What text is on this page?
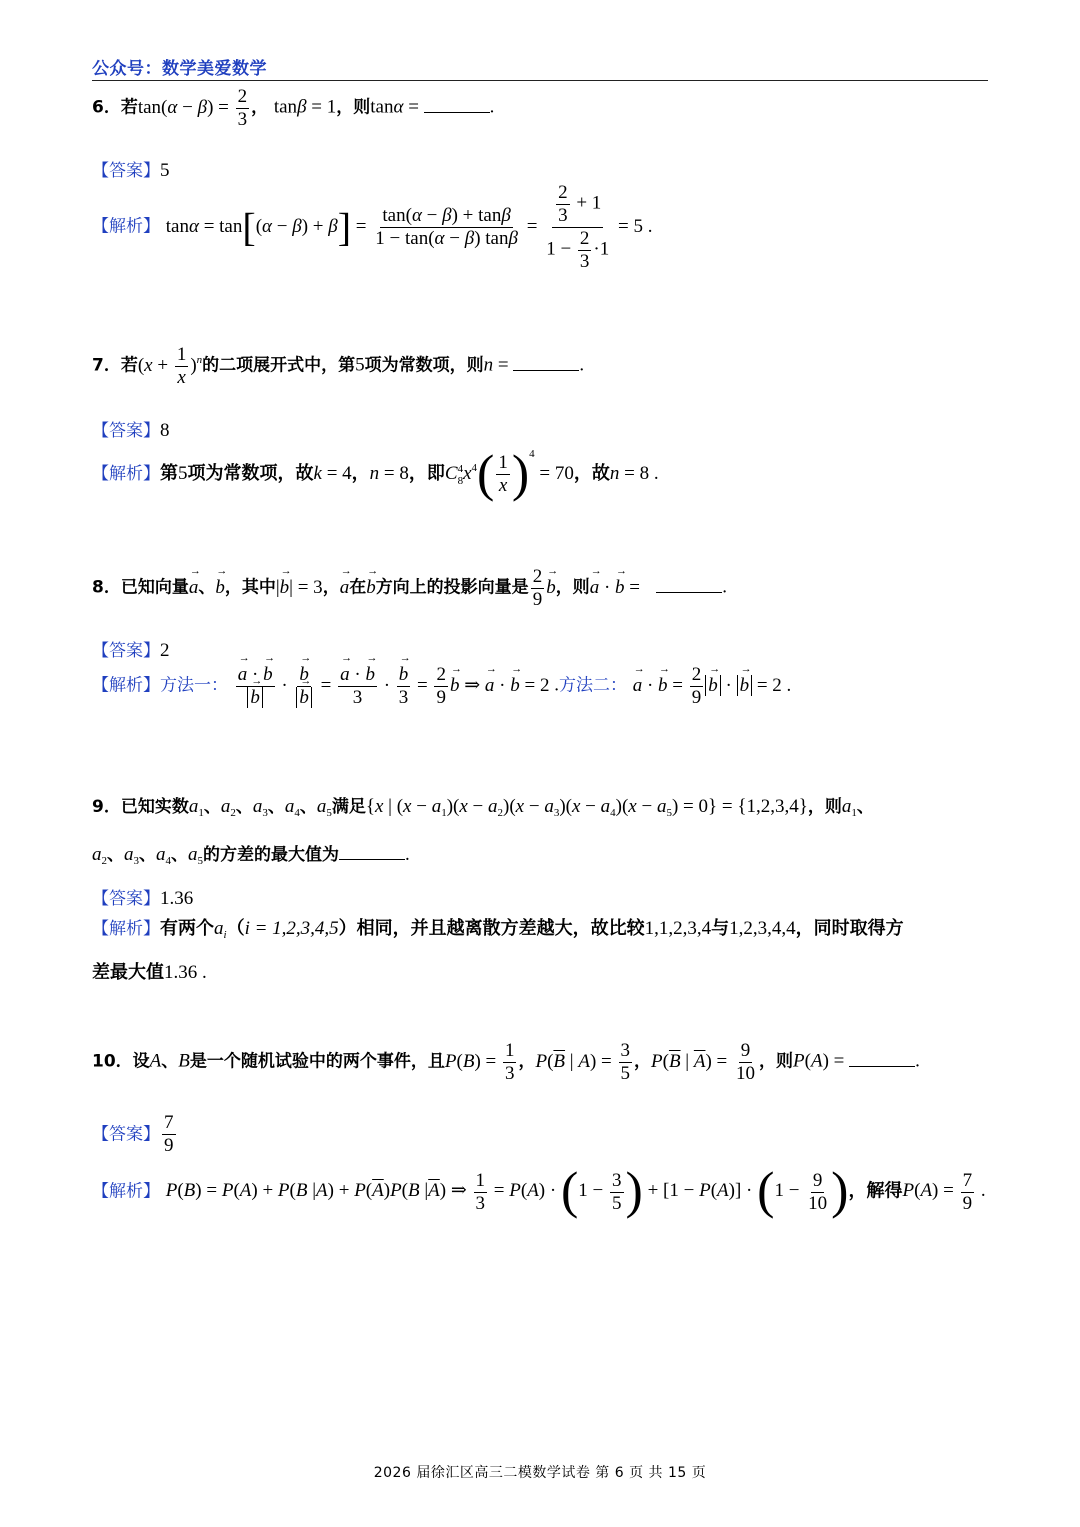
公众号：数学美爱数学
6．若$\tan(\alpha - \beta) = \frac{2}{3}$ ， tanβ = 1，则tanα =	.
【答案】5
【解析】 $\tan\alpha = \tan[(\alpha - \beta) + \beta] = \frac{\tan(\alpha - \beta) + \tan\beta}{1 - \tan(\alpha - \beta) \tan\beta} = \frac{\frac{2}{3} + 1}{1 - \frac{2}{3} \cdot 1} = 5$ .
7．若$(x + \frac{1}{x} )^n$的二项展开式中，第5项为常数项，则n =	.
【答案】8
【解析】第5项为常数项，故k = 4，n = 8，即C 4
8 $x^4( \frac{1}{x} )^4 = 70$，故n = 8 .
8．已知向量→ a、→ b，其中|→ b| = 3，→ a在→ b方向上的投影向量是 $\frac{2}{9} \to b$，则→ a · → b =	.
【答案】2
【解析】方法一： → a · → b
→ b · → b
→ b = → $\frac{a \cdot \to b}{3}$ · → $\frac{b}{3} = \frac{2}{9} \to b$ ⇒ → a · → b = 2 .方法二： → a · → $b = \frac{2}{9} \to b$ · → b = 2 .
9．已知实数$a_1$、$a_2$、$a_3$、$a_4$、$a_5$满足{x | $(x - a_1)(x - a_2)(x - a_3)(x - a_4)(x - a_5) = 0\} = \{1,2,3,4\}$，则$a_1$、
$a_2$、$a_3$、$a_4$、$a_5$的方差的最大值为	.
【答案】1.36
【解析】有两个$a_i(i = 1,2,3,4,5)$相同，并且越离散方差越大，故比较1,1,2,3,4与1,2,3,4,4，同时取得方
差最大值1.36 .
10．设A、B是一个随机试验中的两个事件，且$P(B) = \frac{1}{3}$ ，$P(\overline{B}$ | $A) = \frac{3}{5}$ ，$P(\overline{B}$ | $\overline{A}) = \frac{9}{10}$ ，则P(A) =	.
【答案】 $\frac{7}{9}$
【解析】 P(B) = P(A) + P(B $|A) + P(\overline{A})P(B$ $|\overline{A}$) ⇒ $\frac{1}{3} = P(A) \cdot (1 - \frac{3}{5}$ ) + $[1 - P(A)] \cdot (1 - \frac{9}{10}$ )，解得$P(A) = \frac{7}{9}$ .
2026 届徐汇区高三二模数学试卷 第 6 页 共 15 页
